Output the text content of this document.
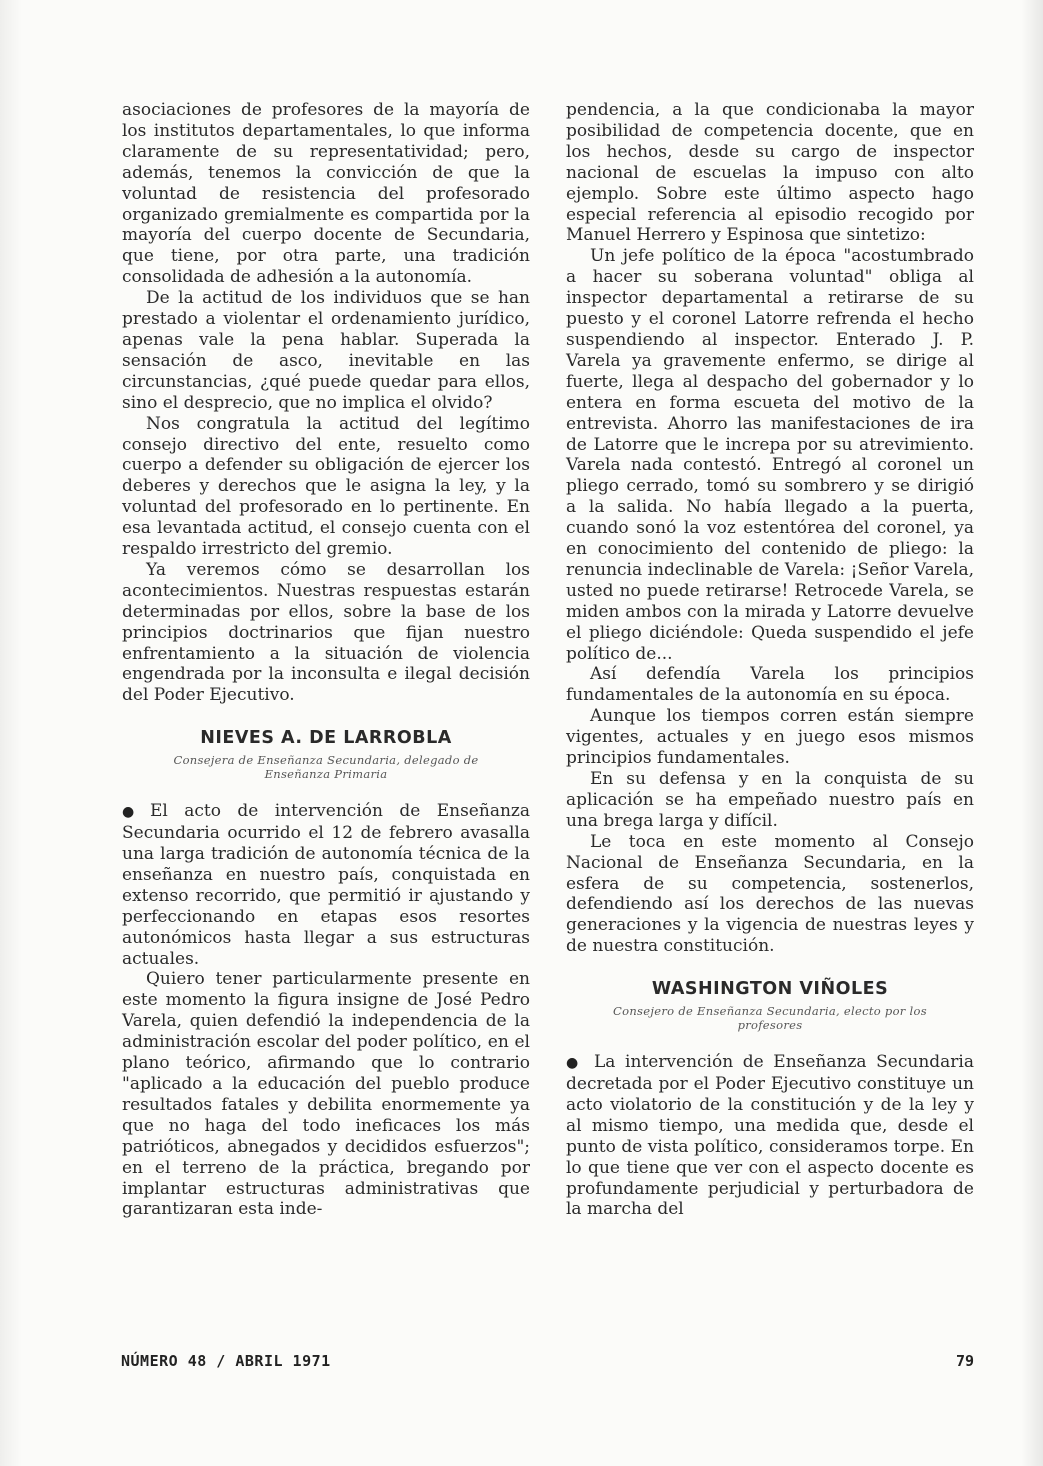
asociaciones de profesores de la mayoría de los institutos departamentales, lo que informa claramente de su representatividad; pero, además, tenemos la convicción de que la voluntad de resistencia del profesorado organizado gremialmente es compartida por la mayoría del cuerpo docente de Secundaria, que tiene, por otra parte, una tradición consolidada de adhesión a la autonomía.

De la actitud de los individuos que se han prestado a violentar el ordenamiento jurídico, apenas vale la pena hablar. Superada la sensación de asco, inevitable en las circunstancias, ¿qué puede quedar para ellos, sino el desprecio, que no implica el olvido?

Nos congratula la actitud del legítimo consejo directivo del ente, resuelto como cuerpo a defender su obligación de ejercer los deberes y derechos que le asigna la ley, y la voluntad del profesorado en lo pertinente. En esa levantada actitud, el consejo cuenta con el respaldo irrestricto del gremio.

Ya veremos cómo se desarrollan los acontecimientos. Nuestras respuestas estarán determinadas por ellos, sobre la base de los principios doctrinarios que fijan nuestro enfrentamiento a la situación de violencia engendrada por la inconsulta e ilegal decisión del Poder Ejecutivo.

NIEVES A. DE LARROBLA
Consejera de Enseñanza Secundaria, delegado de Enseñanza Primaria

● El acto de intervención de Enseñanza Secundaria ocurrido el 12 de febrero avasalla una larga tradición de autonomía técnica de la enseñanza en nuestro país, conquistada en extenso recorrido, que permitió ir ajustando y perfeccionando en etapas esos resortes autonómicos hasta llegar a sus estructuras actuales.

Quiero tener particularmente presente en este momento la figura insigne de José Pedro Varela, quien defendió la independencia de la administración escolar del poder político, en el plano teórico, afirmando que lo contrario "aplicado a la educación del pueblo produce resultados fatales y debilita enormemente ya que no haga del todo ineficaces los más patrióticos, abnegados y decididos esfuerzos"; en el terreno de la práctica, bregando por implantar estructuras administrativas que garantizaran esta inde-

pendencia, a la que condicionaba la mayor posibilidad de competencia docente, que en los hechos, desde su cargo de inspector nacional de escuelas la impuso con alto ejemplo. Sobre este último aspecto hago especial referencia al episodio recogido por Manuel Herrero y Espinosa que sintetizo:

Un jefe político de la época "acostumbrado a hacer su soberana voluntad" obliga al inspector departamental a retirarse de su puesto y el coronel Latorre refrenda el hecho suspendiendo al inspector. Enterado J. P. Varela ya gravemente enfermo, se dirige al fuerte, llega al despacho del gobernador y lo entera en forma escueta del motivo de la entrevista. Ahorro las manifestaciones de ira de Latorre que le increpa por su atrevimiento. Varela nada contestó. Entregó al coronel un pliego cerrado, tomó su sombrero y se dirigió a la salida. No había llegado a la puerta, cuando sonó la voz estentórea del coronel, ya en conocimiento del contenido de pliego: la renuncia indeclinable de Varela: ¡Señor Varela, usted no puede retirarse! Retrocede Varela, se miden ambos con la mirada y Latorre devuelve el pliego diciéndole: Queda suspendido el jefe político de...

Así defendía Varela los principios fundamentales de la autonomía en su época.

Aunque los tiempos corren están siempre vigentes, actuales y en juego esos mismos principios fundamentales.

En su defensa y en la conquista de su aplicación se ha empeñado nuestro país en una brega larga y difícil.

Le toca en este momento al Consejo Nacional de Enseñanza Secundaria, en la esfera de su competencia, sostenerlos, defendiendo así los derechos de las nuevas generaciones y la vigencia de nuestras leyes y de nuestra constitución.

WASHINGTON VIÑOLES
Consejero de Enseñanza Secundaria, electo por los profesores

● La intervención de Enseñanza Secundaria decretada por el Poder Ejecutivo constituye un acto violatorio de la constitución y de la ley y al mismo tiempo, una medida que, desde el punto de vista político, consideramos torpe. En lo que tiene que ver con el aspecto docente es profundamente perjudicial y perturbadora de la marcha del

NÚMERO 48 / ABRIL 1971	79
